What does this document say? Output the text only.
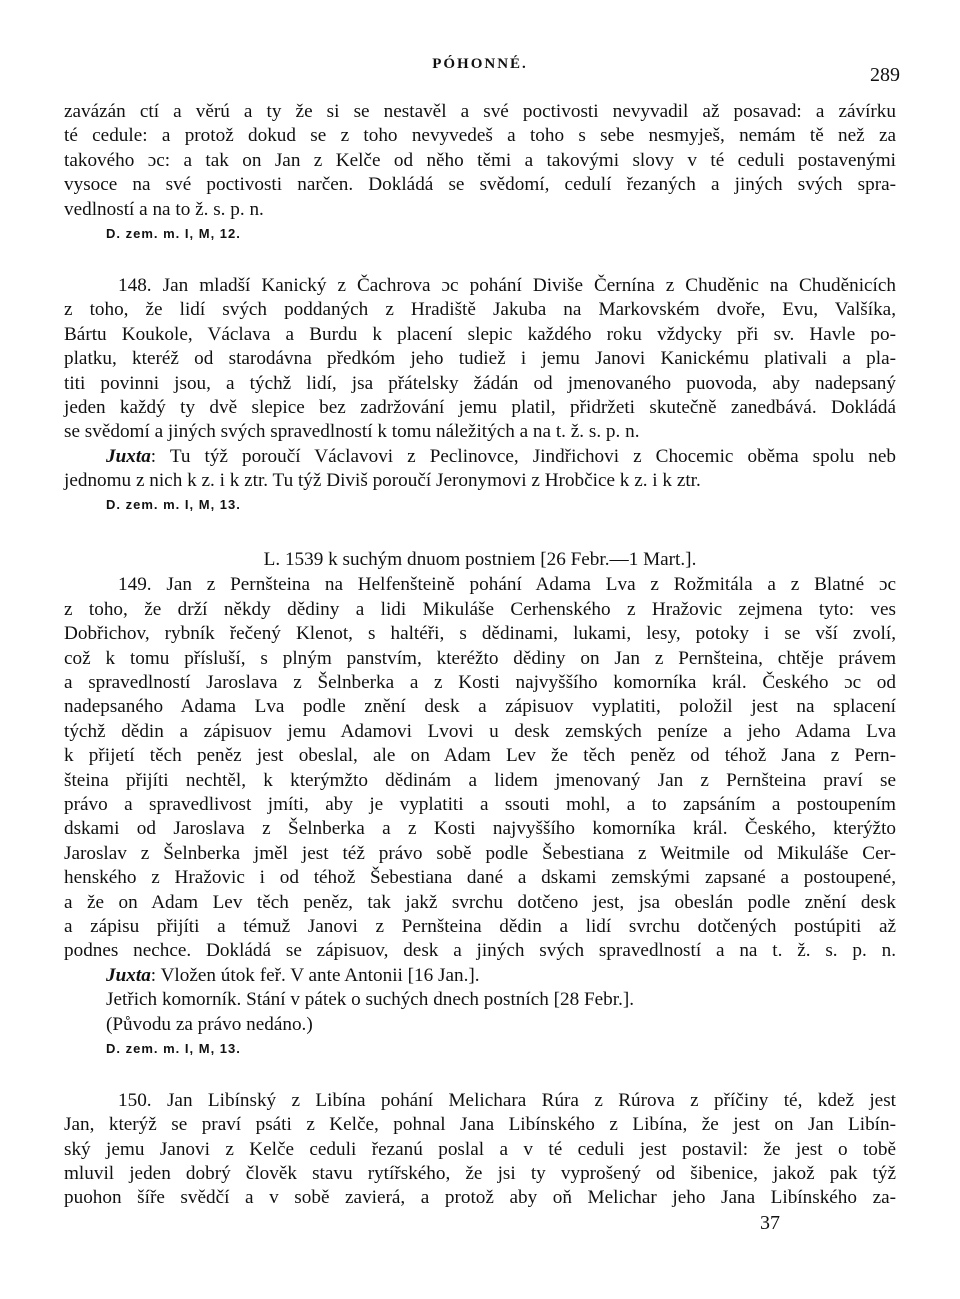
PÓHONNÉ.	289
zavázán ctí a věrú a ty že si se nestavěl a své poctivosti nevyvadil až posavad: a závírku
té cedule: a protož dokud se z toho nevyvedeš a toho s sebe nesmyješ, nemám tě než za
takového ɔc: a tak on Jan z Kelče od něho těmi a takovými slovy v té ceduli postavenými
vysoce na své poctivosti narčen. Dokládá se svědomí, cedulí řezaných a jiných svých spra-
vedlností a na to ž. s. p. n.
D. zem. m. I, M, 12.
148. Jan mladší Kanický z Čachrova ɔc pohání Diviše Černína z Chuděnic na Chuděnicích
z toho, že lidí svých poddaných z Hradiště Jakuba na Markovském dvoře, Evu, Valšíka,
Bártu Koukole, Václava a Burdu k placení slepic každého roku vždycky při sv. Havle po-
platku, kteréž od starodávna předkóm jeho tudiež i jemu Janovi Kanickému plativali a pla-
titi povinni jsou, a týchž lidí, jsa přátelsky žádán od jmenovaného puovoda, aby nadepsaný
jeden každý ty dvě slepice bez zadržování jemu platil, přidržeti skutečně zanedbává. Dokládá
se svědomí a jiných svých spravedlností k tomu náležitých a na t. ž. s. p. n.
Juxta: Tu týž poroučí Václavovi z Peclinovce, Jindřichovi z Chocemic oběma spolu neb
jednomu z nich k z. i k ztr. Tu týž Diviš poroučí Jeronymovi z Hrobčice k z. i k ztr.
D. zem. m. I, M, 13.
L. 1539 k suchým dnuom postniem [26 Febr.—1 Mart.].
149. Jan z Pernšteina na Helfenšteině pohání Adama Lva z Rožmitála a z Blatné ɔc
z toho, že drží někdy dědiny a lidi Mikuláše Cerhenského z Hražovic zejmena tyto: ves
Dobřichov, rybník řečený Klenot, s haltéři, s dědinami, lukami, lesy, potoky i se vší zvolí,
což k tomu přísluší, s plným panstvím, kteréžto dědiny on Jan z Pernšteina, chtěje právem
a spravedlností Jaroslava z Šelnberka a z Kosti najvyššího komorníka král. Českého ɔc od
nadepsaného Adama Lva podle znění desk a zápisuov vyplatiti, položil jest na splacení
týchž dědin a zápisuov jemu Adamovi Lvovi u desk zemských peníze a jeho Adama Lva
k přijetí těch peněz jest obeslal, ale on Adam Lev že těch peněz od téhož Jana z Pern-
šteina přijíti nechtěl, k kterýmžto dědinám a lidem jmenovaný Jan z Pernšteina praví se
právo a spravedlivost jmíti, aby je vyplatiti a ssouti mohl, a to zapsáním a postoupením
dskami od Jaroslava z Šelnberka a z Kosti najvyššího komorníka král. Českého, kterýžto
Jaroslav z Šelnberka jměl jest též právo sobě podle Šebestiana z Weitmile od Mikuláše Cer-
henského z Hražovic i od téhož Šebestiana dané a dskami zemskými zapsané a postoupené,
a že on Adam Lev těch peněz, tak jakž svrchu dotčeno jest, jsa obeslán podle znění desk
a zápisu přijíti a témuž Janovi z Pernšteina dědin a lidí svrchu dotčených postúpiti až
podnes nechce. Dokládá se zápisuov, desk a jiných svých spravedlností a na t. ž. s. p. n.
Juxta: Vložen útok feř. V ante Antonii [16 Jan.].
Jetřich komorník. Stání v pátek o suchých dnech postních [28 Febr.].
(Původu za právo nedáno.)
D. zem. m. I, M, 13.
150. Jan Libínský z Libína pohání Melichara Rúra z Rúrova z příčiny té, kdež jest
Jan, kterýž se praví psáti z Kelče, pohnal Jana Libínského z Libína, že jest on Jan Libín-
ský jemu Janovi z Kelče ceduli řezanú poslal a v té ceduli jest postavil: že jest o tobě
mluvil jeden dobrý člověk stavu rytířského, že jsi ty vyprošený od šibenice, jakož pak týž
puohon šíře svědčí a v sobě zavierá, a protož aby oň Melichar jeho Jana Libínského za-
37
